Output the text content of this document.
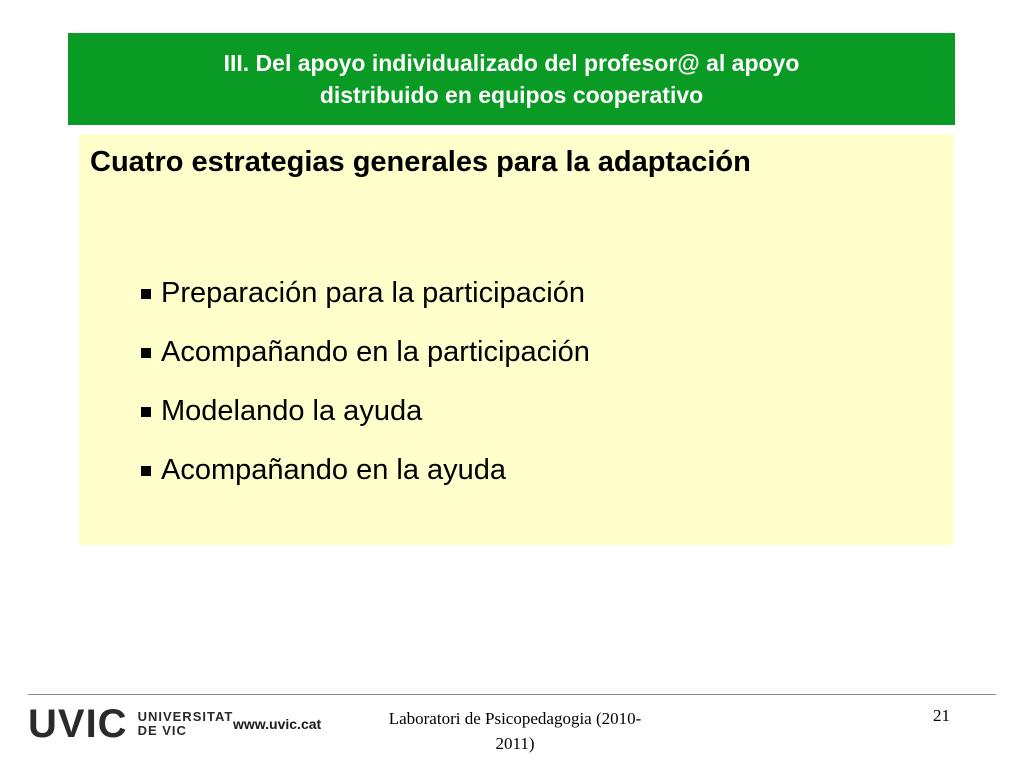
III. Del apoyo individualizado del profesor@ al apoyo
distribuido en equipos cooperativo
Cuatro estrategias generales para la adaptación
Preparación para la participación
Acompañando en la participación
Modelando la ayuda
Acompañando en la ayuda
UVIC UNIVERSITAT
DE VIC	www.uvic.cat	Laboratori de Psicopedagogia (2010-
2011)
21
